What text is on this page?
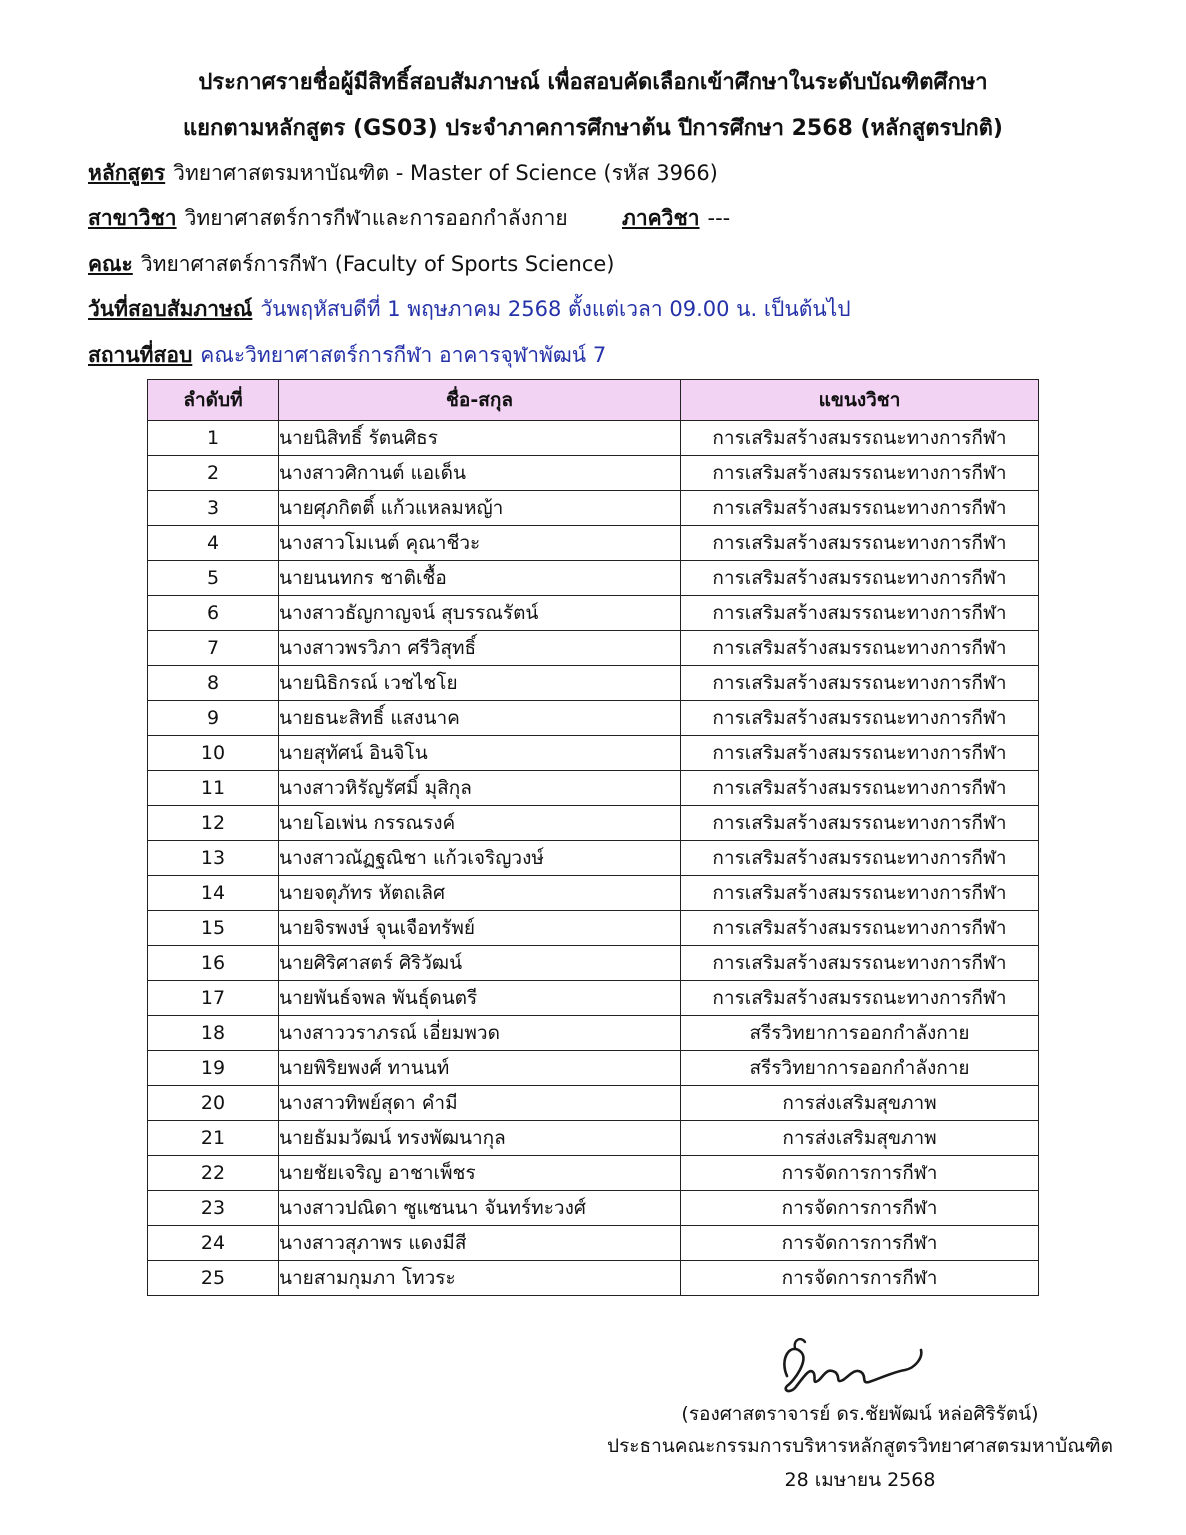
ประกาศรายชื่อผู้มีสิทธิ์สอบสัมภาษณ์ เพื่อสอบคัดเลือกเข้าศึกษาในระดับบัณฑิตศึกษา
แยกตามหลักสูตร (GS03) ประจำภาคการศึกษาต้น ปีการศึกษา 2568 (หลักสูตรปกติ)
หลักสูตร วิทยาศาสตรมหาบัณฑิต - Master of Science (รหัส 3966)
สาขาวิชา วิทยาศาสตร์การกีฬาและการออกกำลังกาย	ภาควิชา ---
คณะ วิทยาศาสตร์การกีฬา (Faculty of Sports Science)
วันที่สอบสัมภาษณ์ วันพฤหัสบดีที่ 1 พฤษภาคม 2568 ตั้งแต่เวลา 09.00 น. เป็นต้นไป
สถานที่สอบ คณะวิทยาศาสตร์การกีฬา อาคารจุฬาพัฒน์ 7
ลำดับที่	ชื่อ-สกุล	แขนงวิชา
1	นายนิสิทธิ์ รัตนศิธร	การเสริมสร้างสมรรถนะทางการกีฬา
2	นางสาวศิกานต์ แอเด็น	การเสริมสร้างสมรรถนะทางการกีฬา
3	นายศุภกิตติ์ แก้วแหลมหญ้า	การเสริมสร้างสมรรถนะทางการกีฬา
4	นางสาวโมเนต์ คุณาชีวะ	การเสริมสร้างสมรรถนะทางการกีฬา
5	นายนนทกร ชาติเชื้อ	การเสริมสร้างสมรรถนะทางการกีฬา
6	นางสาวธัญกาญจน์ สุบรรณรัตน์	การเสริมสร้างสมรรถนะทางการกีฬา
7	นางสาวพรวิภา ศรีวิสุทธิ์	การเสริมสร้างสมรรถนะทางการกีฬา
8	นายนิธิกรณ์ เวชไชโย	การเสริมสร้างสมรรถนะทางการกีฬา
9	นายธนะสิทธิ์ แสงนาค	การเสริมสร้างสมรรถนะทางการกีฬา
10	นายสุทัศน์ อินจิโน	การเสริมสร้างสมรรถนะทางการกีฬา
11	นางสาวหิรัญรัศมิ์ มุสิกุล	การเสริมสร้างสมรรถนะทางการกีฬา
12	นายโอเพ่น กรรณรงค์	การเสริมสร้างสมรรถนะทางการกีฬา
13	นางสาวณัฏฐณิชา แก้วเจริญวงษ์	การเสริมสร้างสมรรถนะทางการกีฬา
14	นายจตุภัทร หัตถเลิศ	การเสริมสร้างสมรรถนะทางการกีฬา
15	นายจิรพงษ์ จุนเจือทรัพย์	การเสริมสร้างสมรรถนะทางการกีฬา
16	นายศิริศาสตร์ ศิริวัฒน์	การเสริมสร้างสมรรถนะทางการกีฬา
17	นายพันธ์จพล พันธุ์ดนตรี	การเสริมสร้างสมรรถนะทางการกีฬา
18	นางสาววราภรณ์ เอี่ยมพวด	สรีรวิทยาการออกกำลังกาย
19	นายพิริยพงศ์ ทานนท์	สรีรวิทยาการออกกำลังกาย
20	นางสาวทิพย์สุดา คำมี	การส่งเสริมสุขภาพ
21	นายธัมมวัฒน์ ทรงพัฒนากุล	การส่งเสริมสุขภาพ
22	นายชัยเจริญ อาชาเพ็ชร	การจัดการการกีฬา
23	นางสาวปณิดา ซูแซนนา จันทร์ทะวงศ์	การจัดการการกีฬา
24	นางสาวสุภาพร แดงมีสี	การจัดการการกีฬา
25	นายสามกุมภา โทวระ	การจัดการการกีฬา
(รองศาสตราจารย์ ดร.ชัยพัฒน์ หล่อศิริรัตน์)
ประธานคณะกรรมการบริหารหลักสูตรวิทยาศาสตรมหาบัณฑิต
28 เมษายน 2568
